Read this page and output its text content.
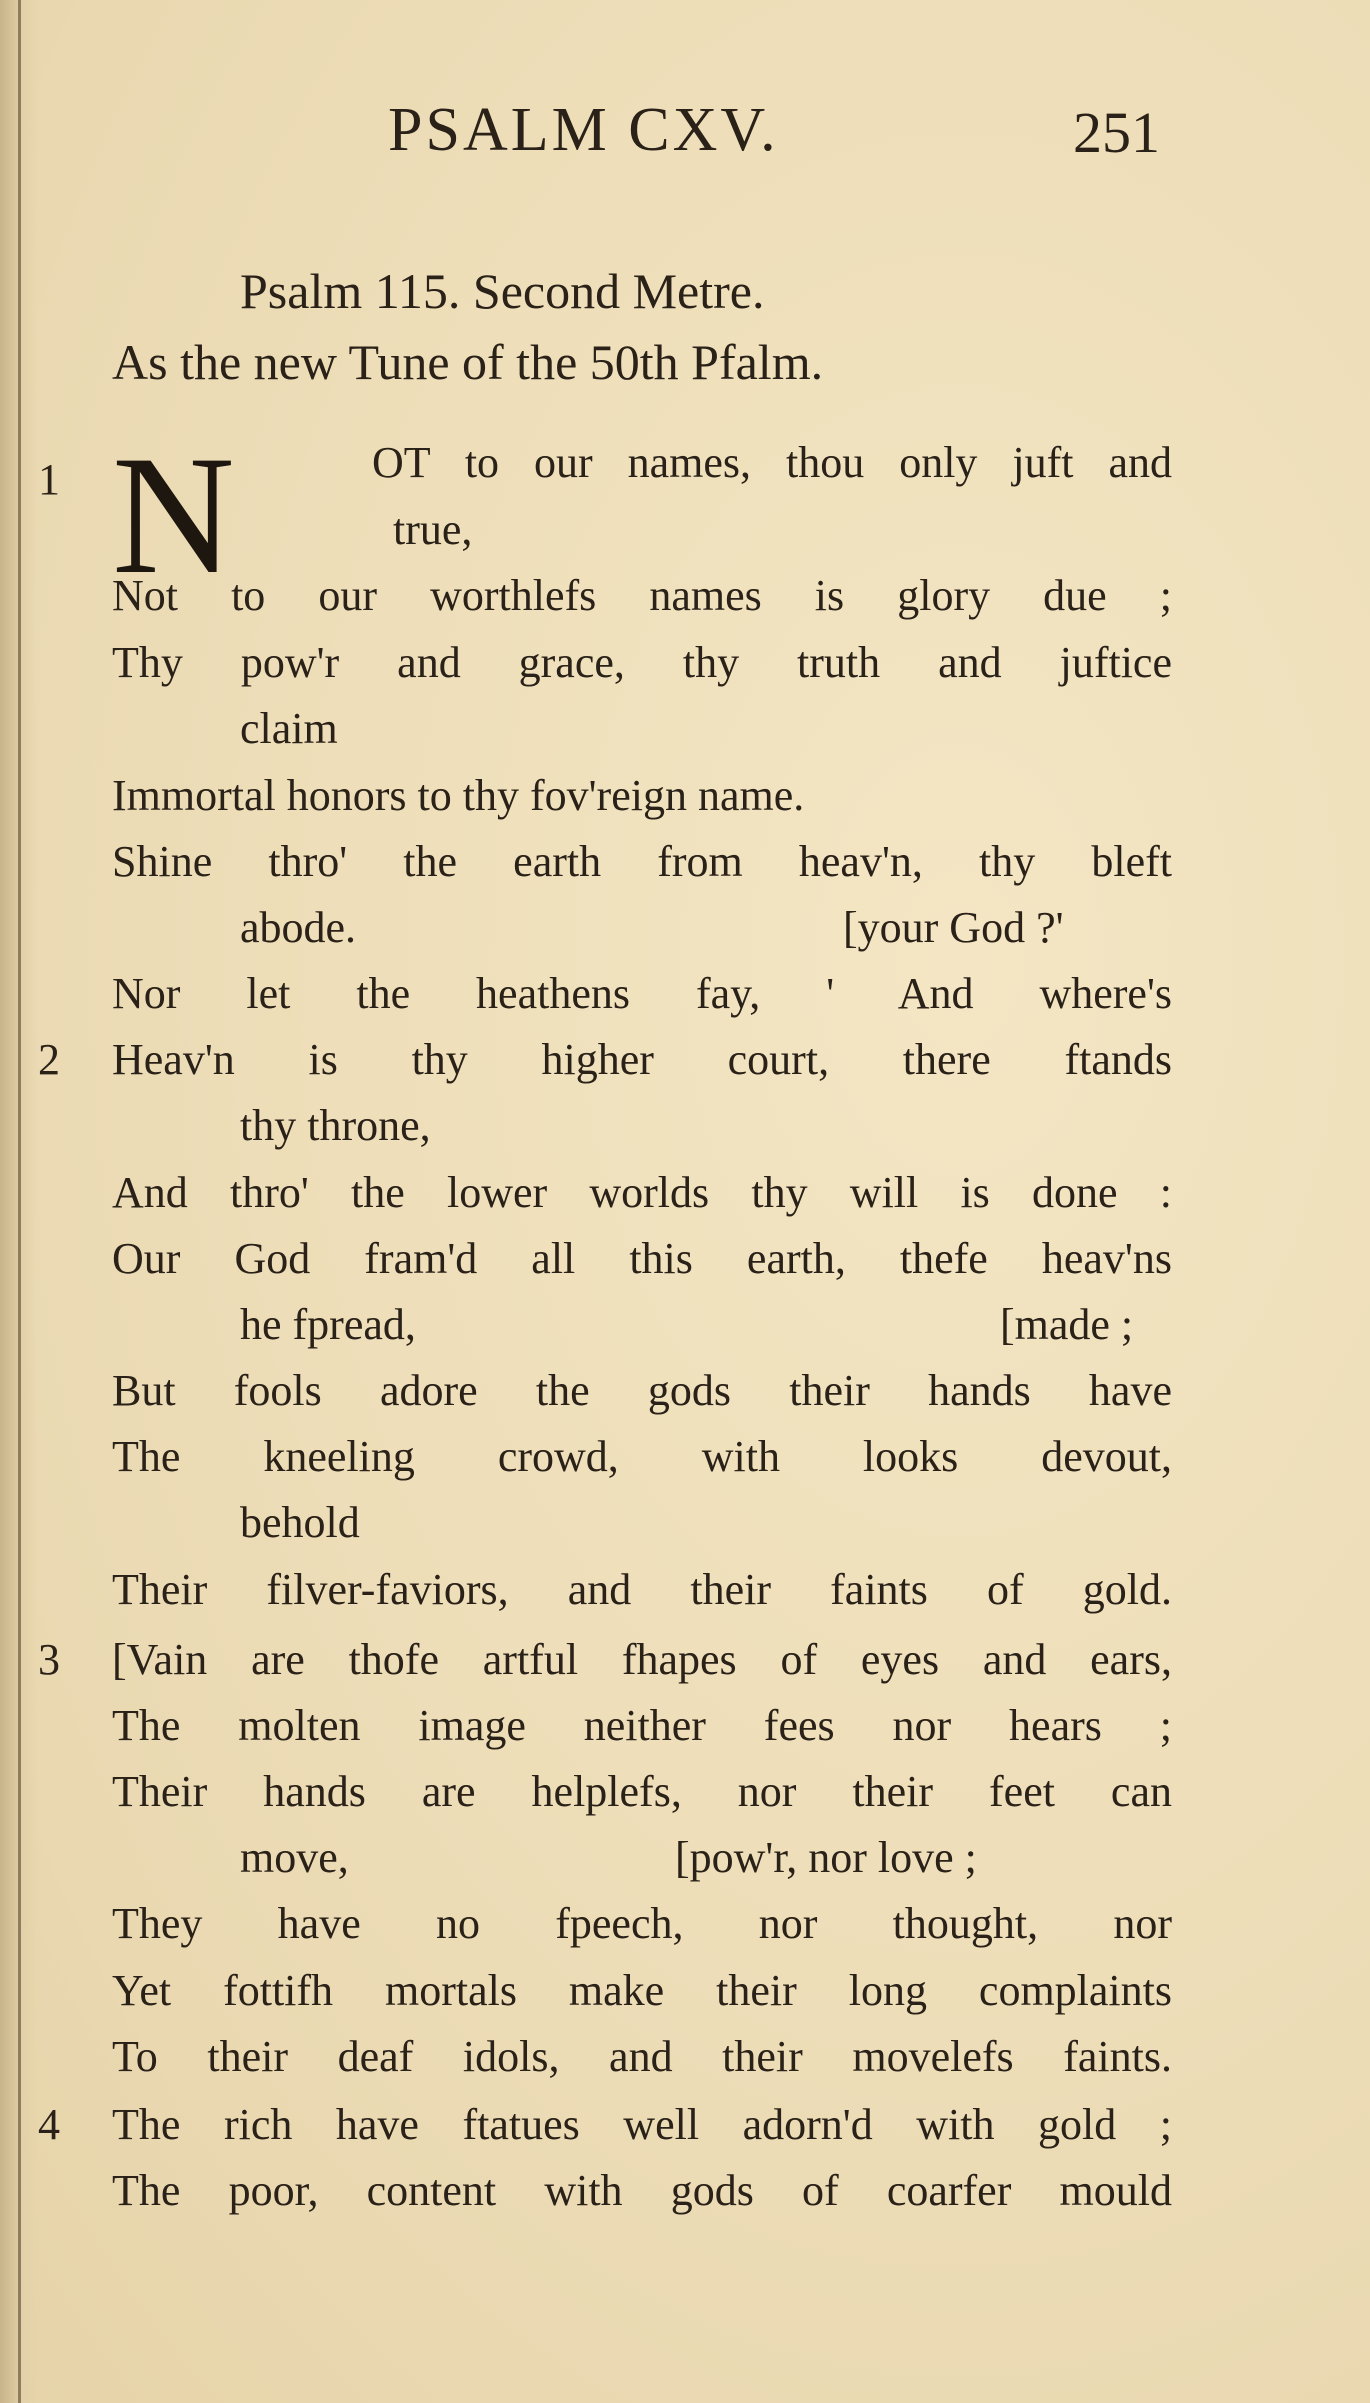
PSALM CXV.	251
Psalm 115. Second Metre.
As the new Tune of the 50th Pfalm.
N
1
2
3
4
OT to our names, thou only juft and
true,
Not to our worthlefs names is glory due ;
Thy pow'r and grace, thy truth and juftice
claim
Immortal honors to thy fov'reign name.
Shine thro' the earth from heav'n, thy bleft
abode.	[your God ?'
Nor let the heathens fay, ' And where's
Heav'n is thy higher court, there ftands
thy throne,
And thro' the lower worlds thy will is done :
Our God fram'd all this earth, thefe heav'ns
he fpread,	[made ;
But fools adore the gods their hands have
The kneeling crowd, with looks devout,
behold
Their filver-faviors, and their faints of gold.
[Vain are thofe artful fhapes of eyes and ears,
The molten image neither fees nor hears ;
Their hands are helplefs, nor their feet can
move,	[pow'r, nor love ;
They have no fpeech, nor thought, nor
Yet fottifh mortals make their long complaints
To their deaf idols, and their movelefs faints.
The rich have ftatues well adorn'd with gold ;
The poor, content with gods of coarfer mould
